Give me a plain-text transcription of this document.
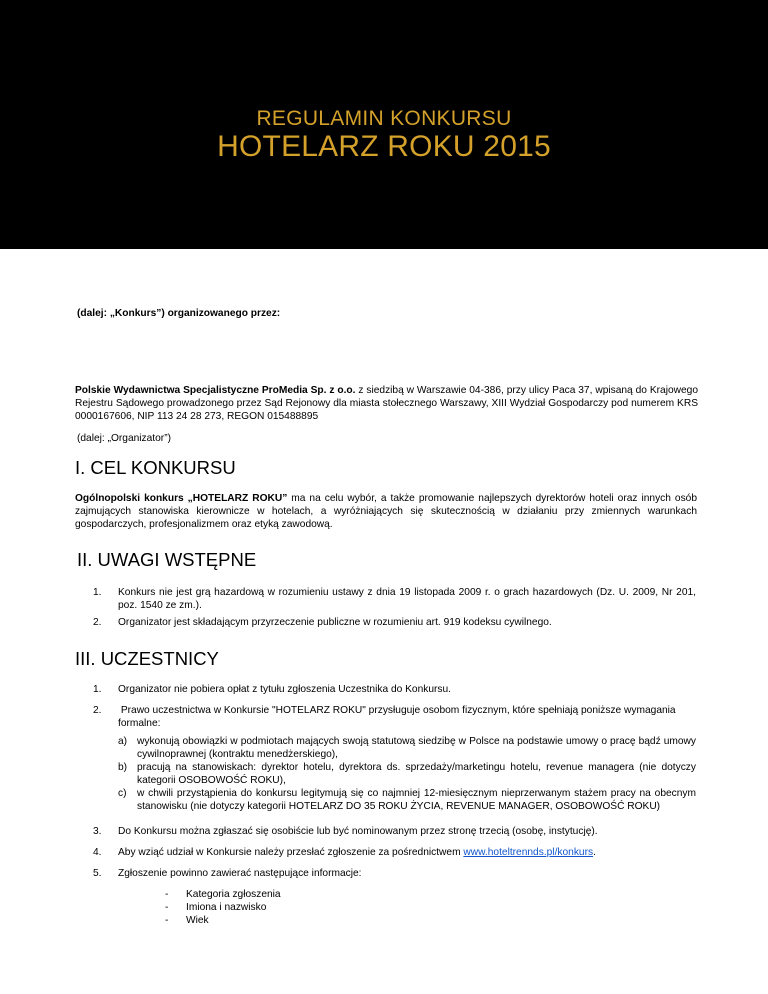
REGULAMIN KONKURSU
HOTELARZ ROKU 2015
(dalej: „Konkurs”) organizowanego przez:
Polskie Wydawnictwa Specjalistyczne ProMedia Sp. z o.o. z siedzibą w Warszawie 04-386, przy ulicy Paca 37, wpisaną do Krajowego Rejestru Sądowego prowadzonego przez Sąd Rejonowy dla miasta stołecznego Warszawy, XIII Wydział Gospodarczy pod numerem KRS 0000167606, NIP 113 24 28 273, REGON 015488895
(dalej: „Organizator”)
I. CEL KONKURSU
Ogólnopolski konkurs „HOTELARZ ROKU” ma na celu wybór, a także promowanie najlepszych dyrektorów hoteli oraz innych osób zajmujących stanowiska kierownicze w hotelach, a wyróżniających się skutecznością w działaniu przy zmiennych warunkach gospodarczych, profesjonalizmem oraz etyką zawodową.
II. UWAGI WSTĘPNE
1. Konkurs nie jest grą hazardową w rozumieniu ustawy z dnia 19 listopada 2009 r. o grach hazardowych (Dz. U. 2009, Nr 201, poz. 1540 ze zm.).
2. Organizator jest składającym przyrzeczenie publiczne w rozumieniu art. 919 kodeksu cywilnego.
III. UCZESTNICY
1. Organizator nie pobiera opłat z tytułu zgłoszenia Uczestnika do Konkursu.
2. Prawo uczestnictwa w Konkursie "HOTELARZ ROKU" przysługuje osobom fizycznym, które spełniają poniższe wymagania formalne:
a) wykonują obowiązki w podmiotach mających swoją statutową siedzibę w Polsce na podstawie umowy o pracę bądź umowy cywilnoprawnej (kontraktu menedżerskiego),
b) pracują na stanowiskach: dyrektor hotelu, dyrektora ds. sprzedaży/marketingu hotelu, revenue managera (nie dotyczy kategorii OSOBOWOŚĆ ROKU),
c) w chwili przystąpienia do konkursu legitymują się co najmniej 12-miesięcznym nieprzerwanym stażem pracy na obecnym stanowisku (nie dotyczy kategorii HOTELARZ DO 35 ROKU ŻYCIA, REVENUE MANAGER, OSOBOWOŚĆ ROKU)
3. Do Konkursu można zgłaszać się osobiście lub być nominowanym przez stronę trzecią (osobę, instytucję).
4. Aby wziąć udział w Konkursie należy przesłać zgłoszenie za pośrednictwem www.hoteltrennds.pl/konkurs.
5. Zgłoszenie powinno zawierać następujące informacje:
- Kategoria zgłoszenia
- Imiona i nazwisko
- Wiek
